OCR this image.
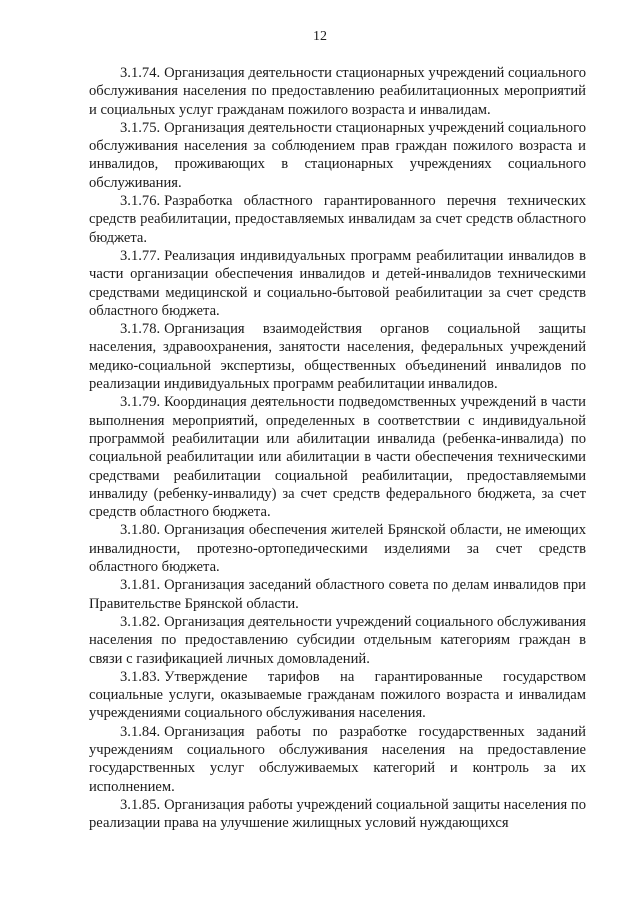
12

3.1.74. Организация деятельности стационарных учреждений социального обслуживания населения по предоставлению реабилитационных мероприятий и социальных услуг гражданам пожилого возраста и инвалидам.

3.1.75. Организация деятельности стационарных учреждений социального обслуживания населения за соблюдением прав граждан пожилого возраста и инвалидов, проживающих в стационарных учреждениях социального обслуживания.

3.1.76. Разработка областного гарантированного перечня технических средств реабилитации, предоставляемых инвалидам за счет средств областного бюджета.

3.1.77. Реализация индивидуальных программ реабилитации инвалидов в части организации обеспечения инвалидов и детей-инвалидов техническими средствами медицинской и социально-бытовой реабилитации за счет средств областного бюджета.

3.1.78. Организация взаимодействия органов социальной защиты населения, здравоохранения, занятости населения, федеральных учреждений медико-социальной экспертизы, общественных объединений инвалидов по реализации индивидуальных программ реабилитации инвалидов.

3.1.79. Координация деятельности подведомственных учреждений в части выполнения мероприятий, определенных в соответствии с индивидуальной программой реабилитации или абилитации инвалида (ребенка-инвалида) по социальной реабилитации или абилитации в части обеспечения техническими средствами реабилитации социальной реабилитации, предоставляемыми инвалиду (ребенку-инвалиду) за счет средств федерального бюджета, за счет средств областного бюджета.

3.1.80. Организация обеспечения жителей Брянской области, не имеющих инвалидности, протезно-ортопедическими изделиями за счет средств областного бюджета.

3.1.81. Организация заседаний областного совета по делам инвалидов при Правительстве Брянской области.

3.1.82. Организация деятельности учреждений социального обслуживания населения по предоставлению субсидии отдельным категориям граждан в связи с газификацией личных домовладений.

3.1.83. Утверждение тарифов на гарантированные государством социальные услуги, оказываемые гражданам пожилого возраста и инвалидам учреждениями социального обслуживания населения.

3.1.84. Организация работы по разработке государственных заданий учреждениям социального обслуживания населения на предоставление государственных услуг обслуживаемых категорий и контроль за их исполнением.

3.1.85. Организация работы учреждений социальной защиты населения по реализации права на улучшение жилищных условий нуждающихся
